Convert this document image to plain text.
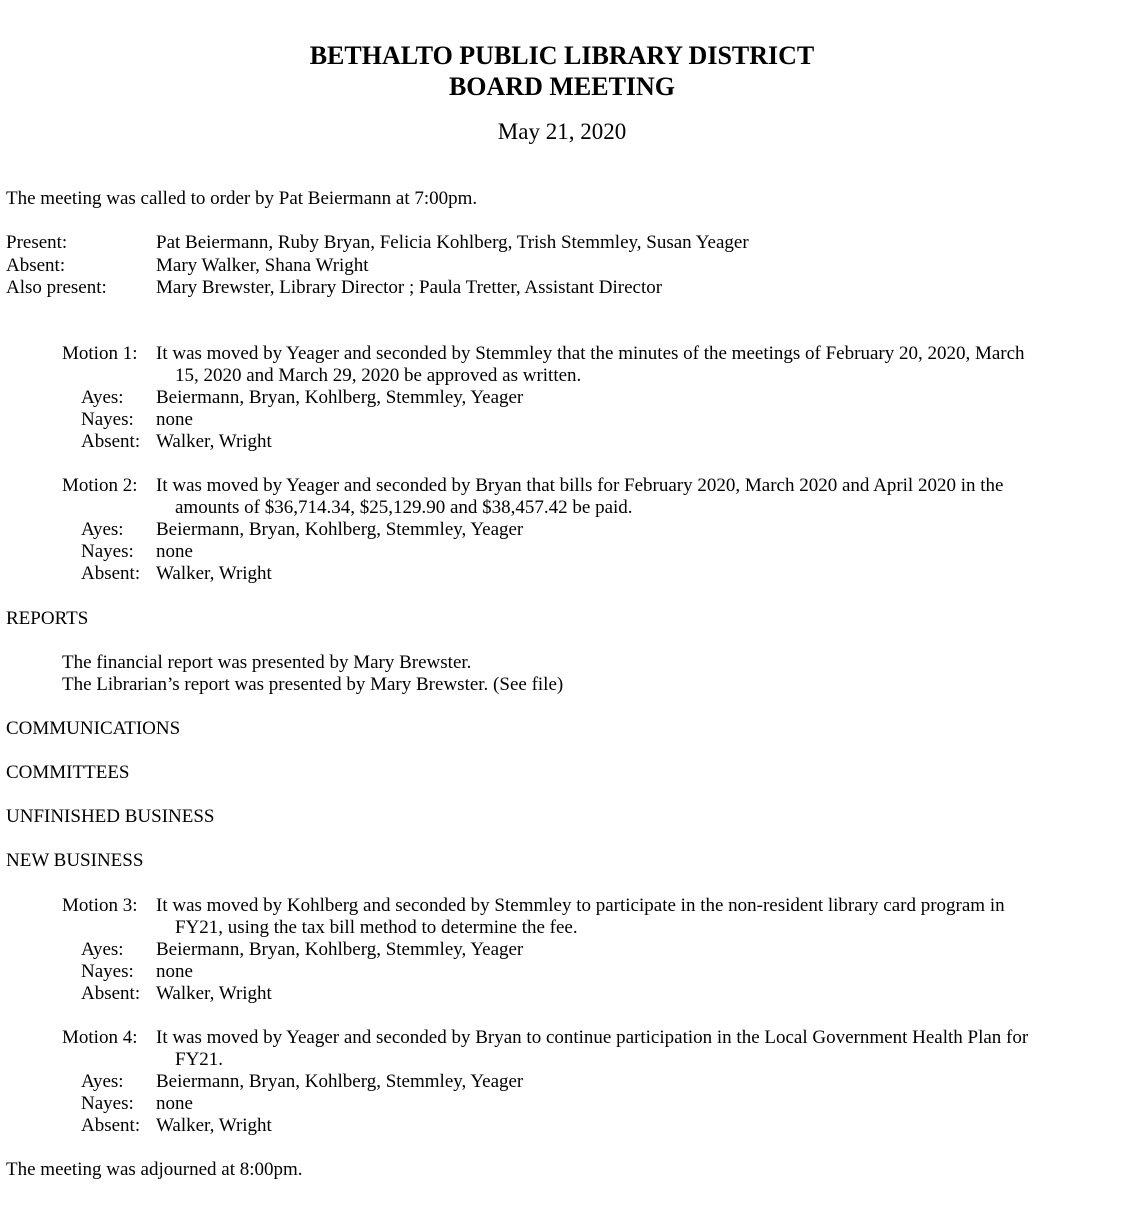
BETHALTO PUBLIC LIBRARY DISTRICT
BOARD MEETING
May 21, 2020
The meeting was called to order by Pat Beiermann at 7:00pm.
Present:	Pat Beiermann, Ruby Bryan, Felicia Kohlberg, Trish Stemmley, Susan Yeager
Absent:	Mary Walker, Shana Wright
Also present:	Mary Brewster, Library Director ; Paula Tretter, Assistant Director
Motion 1: It was moved by Yeager and seconded by Stemmley that the minutes of the meetings of February 20, 2020, March
15, 2020 and March 29, 2020 be approved as written.
Ayes: Beiermann, Bryan, Kohlberg, Stemmley, Yeager
Nayes: none
Absent: Walker, Wright
Motion 2: It was moved by Yeager and seconded by Bryan that bills for February 2020, March 2020 and April 2020 in the
amounts of $36,714.34, $25,129.90 and $38,457.42 be paid.
Ayes: Beiermann, Bryan, Kohlberg, Stemmley, Yeager
Nayes: none
Absent: Walker, Wright
REPORTS
The financial report was presented by Mary Brewster.
The Librarian’s report was presented by Mary Brewster. (See file)
COMMUNICATIONS
COMMITTEES
UNFINISHED BUSINESS
NEW BUSINESS
Motion 3: It was moved by Kohlberg and seconded by Stemmley to participate in the non-resident library card program in
FY21, using the tax bill method to determine the fee.
Ayes: Beiermann, Bryan, Kohlberg, Stemmley, Yeager
Nayes: none
Absent: Walker, Wright
Motion 4: It was moved by Yeager and seconded by Bryan to continue participation in the Local Government Health Plan for
FY21.
Ayes: Beiermann, Bryan, Kohlberg, Stemmley, Yeager
Nayes: none
Absent: Walker, Wright
The meeting was adjourned at 8:00pm.
